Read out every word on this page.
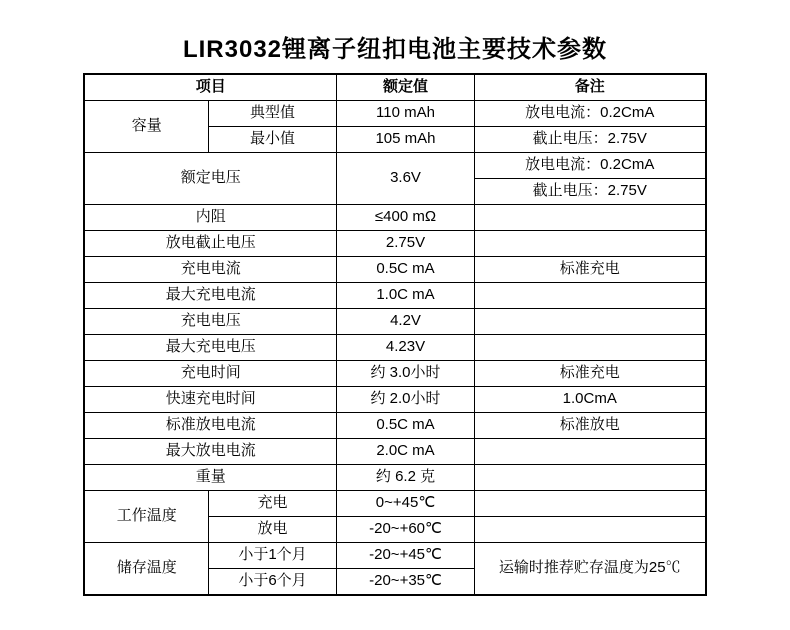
LIR3032锂离子纽扣电池主要技术参数
项目		额定值	备注
容量	典型值	110 mAh	放电电流：0.2CmA
	最小值	105 mAh	截止电压：2.75V
额定电压		3.6V	放电电流：0.2CmA
			截止电压：2.75V
内阻		≤400 mΩ	
放电截止电压		2.75V	
充电电流		0.5C mA	标准充电
最大充电电流		1.0C mA	
充电电压		4.2V	
最大充电电压		4.23V	
充电时间		约 3.0小时	标准充电
快速充电时间		约 2.0小时	1.0CmA
标准放电电流		0.5C mA	标准放电
最大放电电流		2.0C mA	
重量		约 6.2 克	
工作温度	充电	0~+45℃	
	放电	-20~+60℃	
储存温度	小于1个月	-20~+45℃	运输时推荐贮存温度为25℃
	小于6个月	-20~+35℃	
